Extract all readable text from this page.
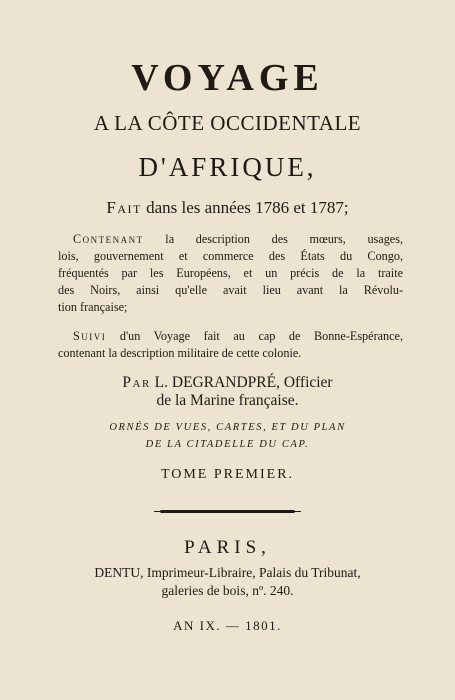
VOYAGE
A LA CÔTE OCCIDENTALE
D'AFRIQUE,
Fait dans les années 1786 et 1787;
Contenant la description des mœurs, usages,
lois, gouvernement et commerce des États du Congo,
fréquentés par les Européens, et un précis de la traite
des Noirs, ainsi qu'elle avait lieu avant la Révolu-
tion française;
Suivi d'un Voyage fait au cap de Bonne-Espérance,
contenant la description militaire de cette colonie.
Par L. DEGRANDPRÉ, Officier
de la Marine française.
ORNÉS DE VUES, CARTES, ET DU PLAN
DE LA CITADELLE DU CAP.
TOME PREMIER.
PARIS,
DENTU, Imprimeur-Libraire, Palais du Tribunat,
galeries de bois, nº. 240.
AN IX. — 1801.
